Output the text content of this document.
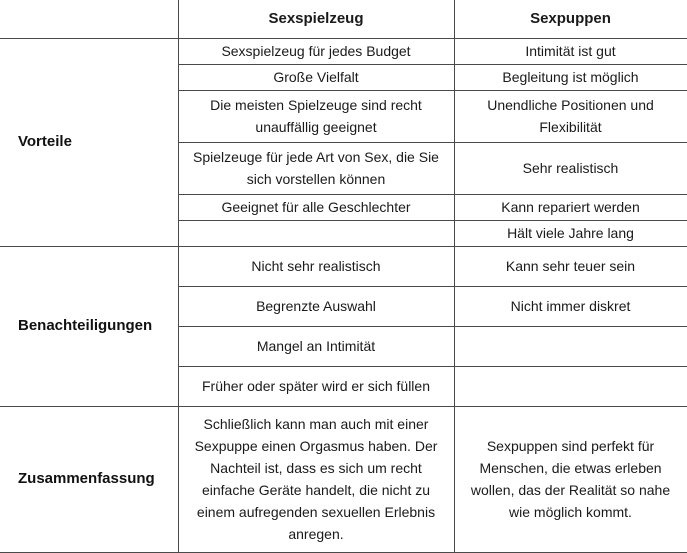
	Sexspielzeug	Sexpuppen
Vorteile	Sexspielzeug für jedes Budget	Intimität ist gut
	Große Vielfalt	Begleitung ist möglich
	Die meisten Spielzeuge sind recht unauffällig geeignet	Unendliche Positionen und Flexibilität
	Spielzeuge für jede Art von Sex, die Sie sich vorstellen können	Sehr realistisch
	Geeignet für alle Geschlechter	Kann repariert werden
		Hält viele Jahre lang
Benachteiligungen	Nicht sehr realistisch	Kann sehr teuer sein
	Begrenzte Auswahl	Nicht immer diskret
	Mangel an Intimität	
	Früher oder später wird er sich füllen	
Zusammenfassung	Schließlich kann man auch mit einer Sexpuppe einen Orgasmus haben. Der Nachteil ist, dass es sich um recht einfache Geräte handelt, die nicht zu einem aufregenden sexuellen Erlebnis anregen.	Sexpuppen sind perfekt für Menschen, die etwas erleben wollen, das der Realität so nahe wie möglich kommt.
